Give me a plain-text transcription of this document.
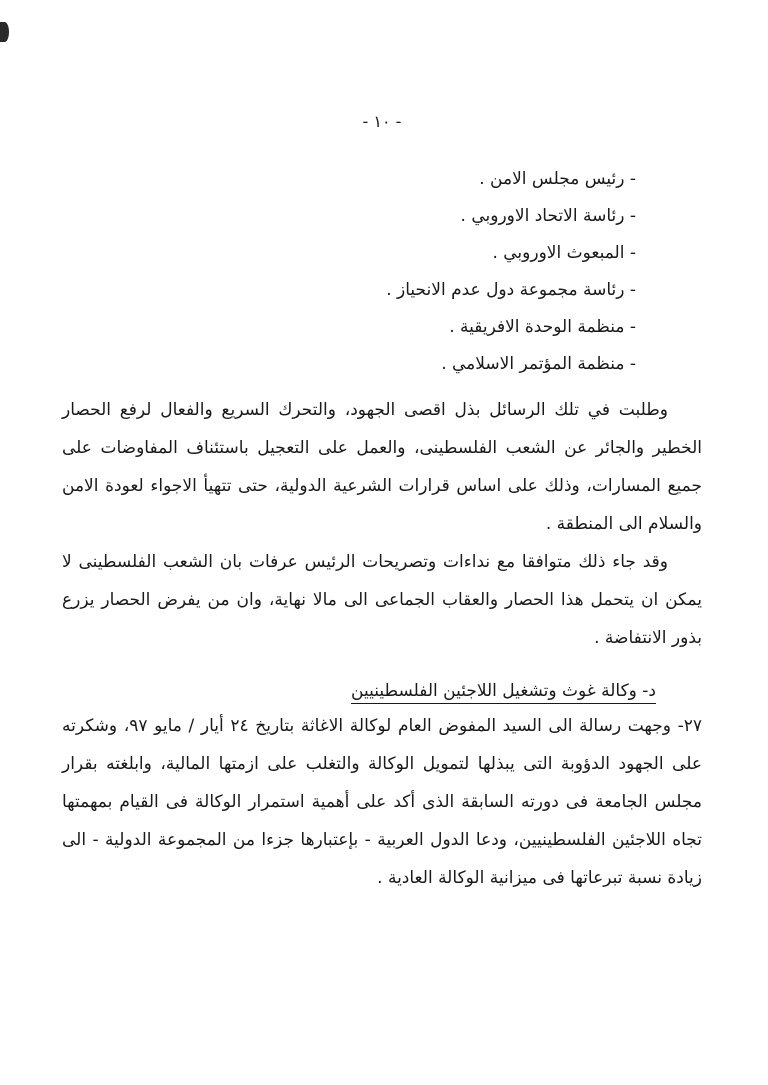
- ١٠ -
- رئيس مجلس الامن .
- رئاسة الاتحاد الاوروبي .
- المبعوث الاوروبي .
- رئاسة مجموعة دول عدم الانحياز .
- منظمة الوحدة الافريقية .
- منظمة المؤتمر الاسلامي .

وطلبت في تلك الرسائل بذل اقصى الجهود، والتحرك السريع والفعال لرفع الحصار الخطير والجائر عن الشعب الفلسطينى، والعمل على التعجيل باستئناف المفاوضات على جميع المسارات، وذلك على اساس قرارات الشرعية الدولية، حتى تتهيأ الاجواء لعودة الامن والسلام الى المنطقة .

وقد جاء ذلك متوافقا مع نداءات وتصريحات الرئيس عرفات بان الشعب الفلسطينى لا يمكن ان يتحمل هذا الحصار والعقاب الجماعى الى مالا نهاية، وان من يفرض الحصار يزرع بذور الانتفاضة .

د- وكالة غوث وتشغيل اللاجئين الفلسطينيين

٢٧- وجهت رسالة الى السيد المفوض العام لوكالة الاغاثة بتاريخ ٢٤ أيار / مايو ٩٧، وشكرته على الجهود الدؤوبة التى يبذلها لتمويل الوكالة والتغلب على ازمتها المالية، وابلغته بقرار مجلس الجامعة فى دورته السابقة الذى أكد على أهمية استمرار الوكالة فى القيام بمهمتها تجاه اللاجئين الفلسطينيين، ودعا الدول العربية - بإعتبارها جزءا من المجموعة الدولية - الى زيادة نسبة تبرعاتها فى ميزانية الوكالة العادية .
